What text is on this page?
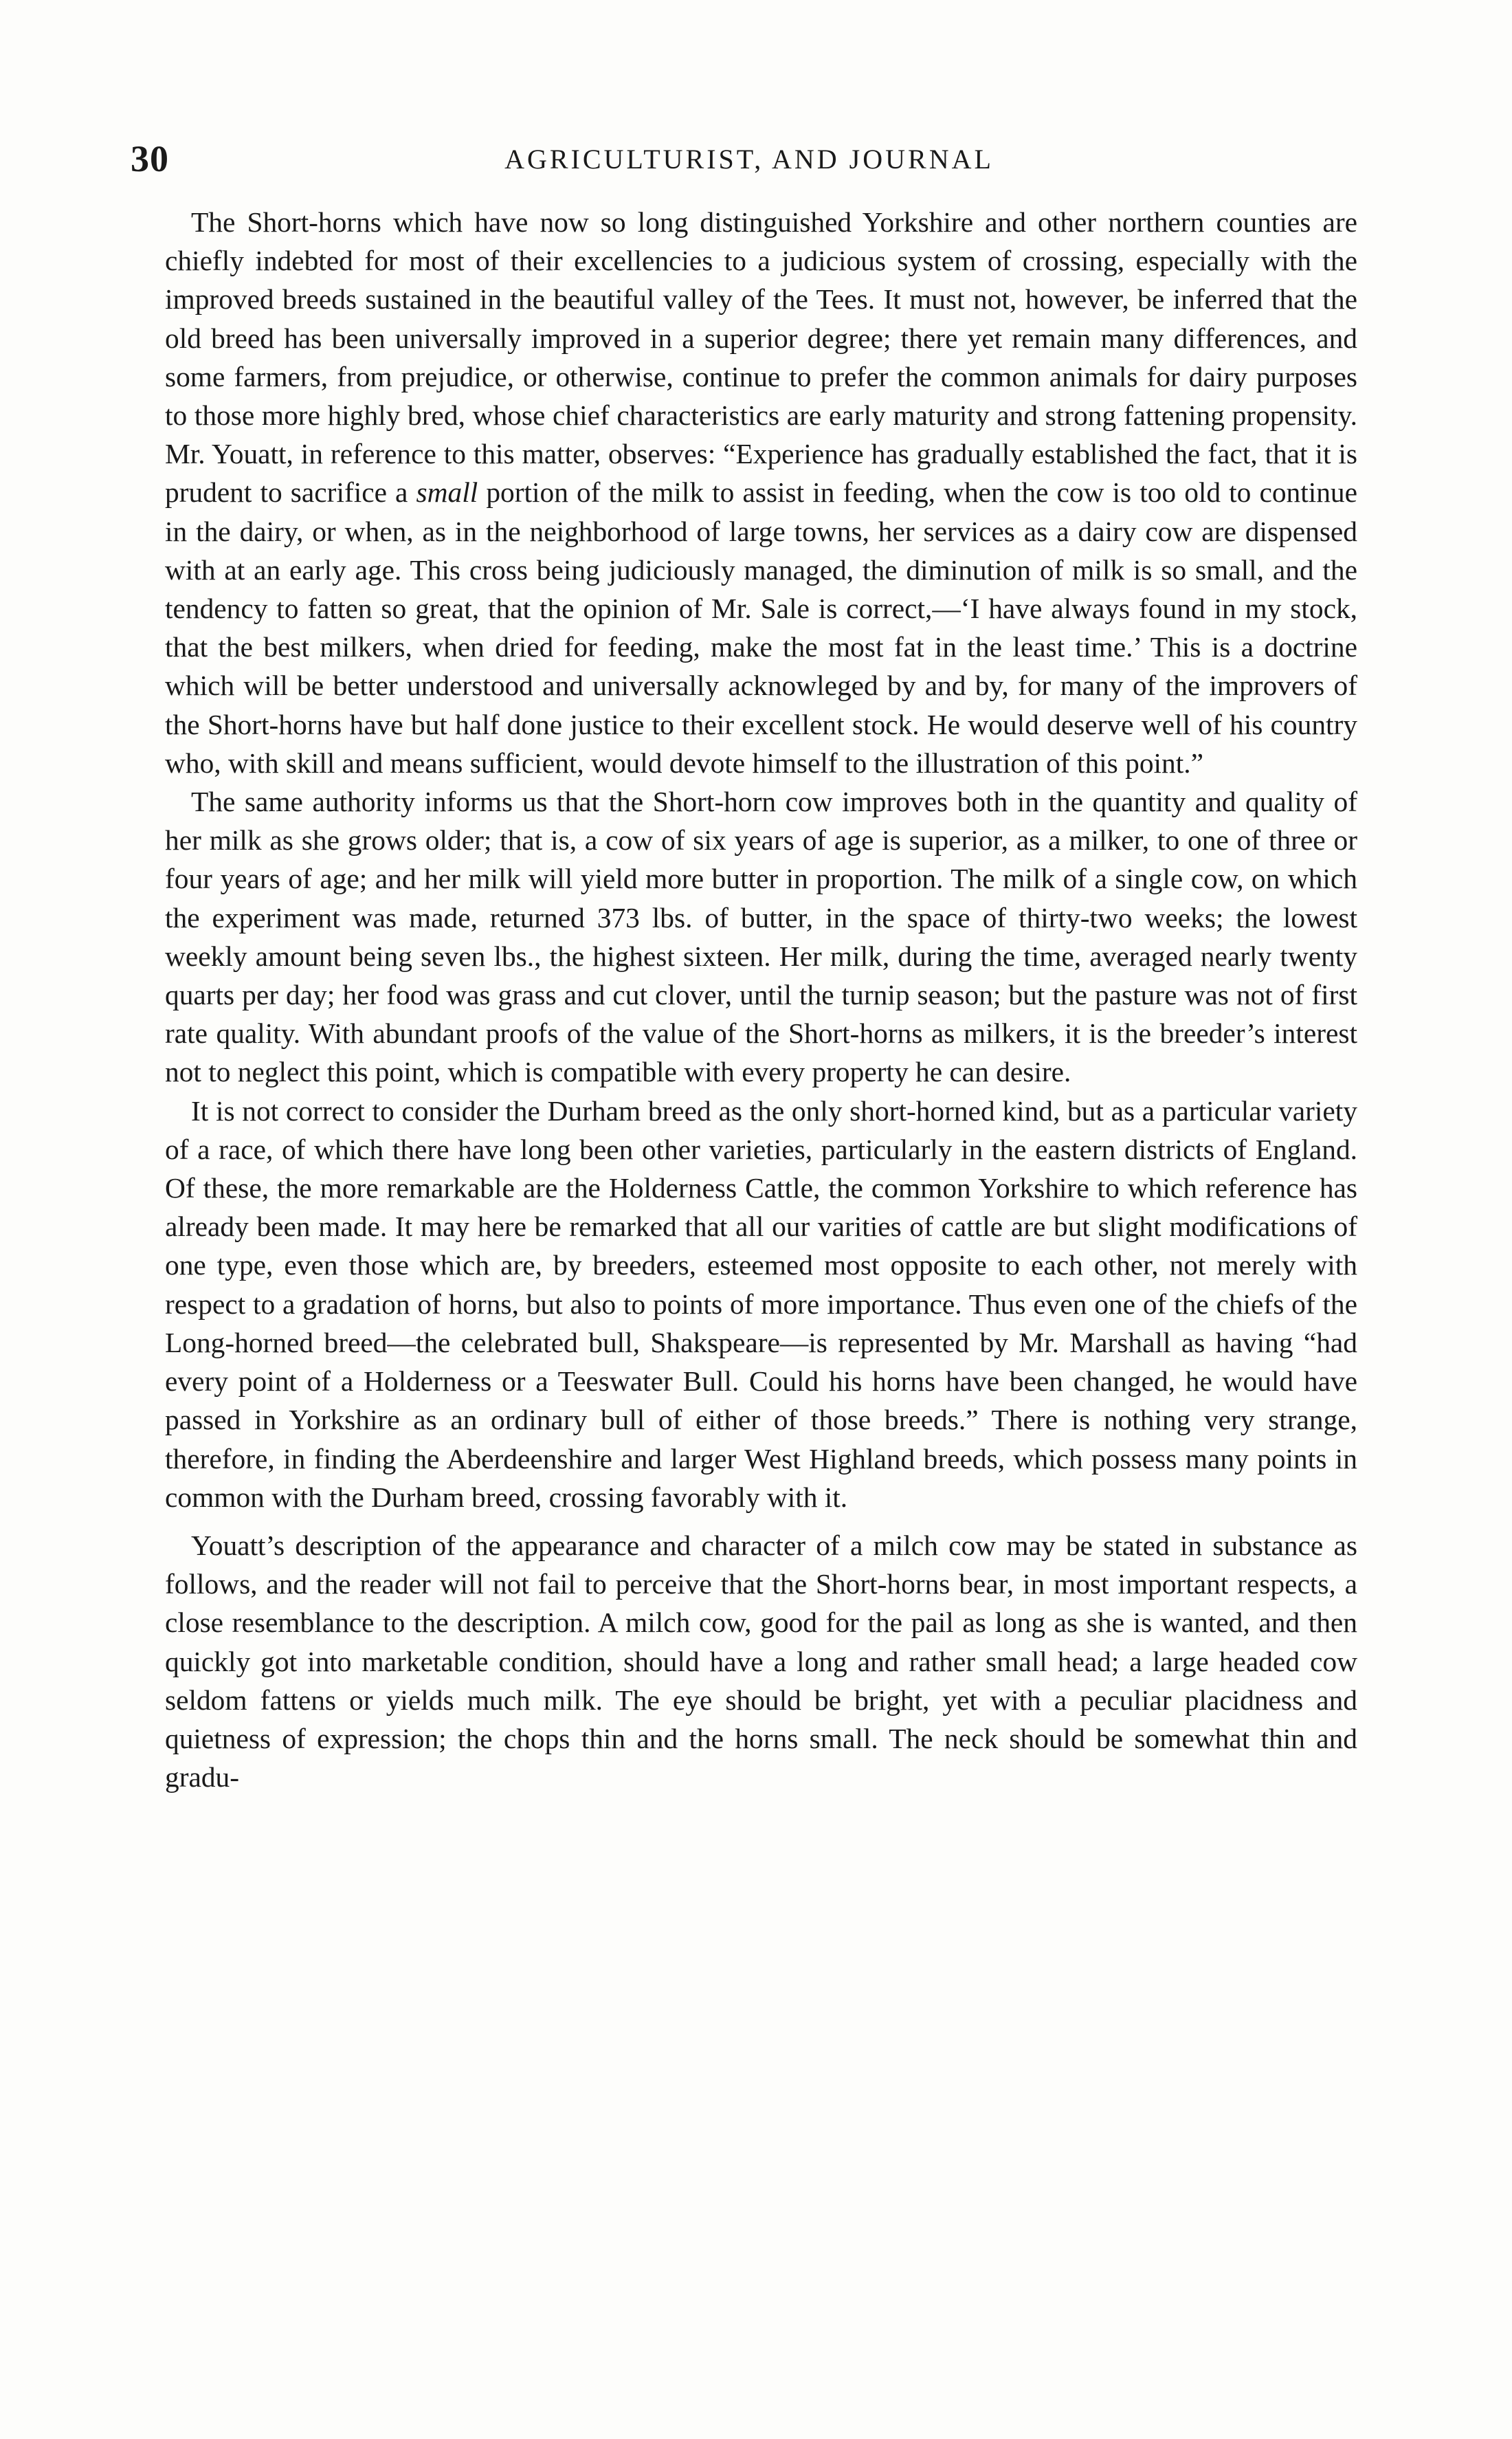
30	AGRICULTURIST, AND JOURNAL

The Short-horns which have now so long distinguished Yorkshire and other northern counties are chiefly indebted for most of their excellencies to a judicious system of crossing, especially with the improved breeds sustained in the beautiful valley of the Tees. It must not, however, be inferred that the old breed has been universally improved in a superior degree; there yet remain many differences, and some farmers, from prejudice, or otherwise, continue to prefer the common animals for dairy purposes to those more highly bred, whose chief characteristics are early maturity and strong fattening propensity. Mr. Youatt, in reference to this matter, observes: “Experience has gradually established the fact, that it is prudent to sacrifice a small portion of the milk to assist in feeding, when the cow is too old to continue in the dairy, or when, as in the neighborhood of large towns, her services as a dairy cow are dispensed with at an early age. This cross being judiciously managed, the diminution of milk is so small, and the tendency to fatten so great, that the opinion of Mr. Sale is correct,—‘I have always found in my stock, that the best milkers, when dried for feeding, make the most fat in the least time.’ This is a doctrine which will be better understood and universally acknowleged by and by, for many of the improvers of the Short-horns have but half done justice to their excellent stock. He would deserve well of his country who, with skill and means sufficient, would devote himself to the illustration of this point.”

The same authority informs us that the Short-horn cow improves both in the quantity and quality of her milk as she grows older; that is, a cow of six years of age is superior, as a milker, to one of three or four years of age; and her milk will yield more butter in proportion. The milk of a single cow, on which the experiment was made, returned 373 lbs. of butter, in the space of thirty-two weeks; the lowest weekly amount being seven lbs., the highest sixteen. Her milk, during the time, averaged nearly twenty quarts per day; her food was grass and cut clover, until the turnip season; but the pasture was not of first rate quality. With abundant proofs of the value of the Short-horns as milkers, it is the breeder’s interest not to neglect this point, which is compatible with every property he can desire.

It is not correct to consider the Durham breed as the only short-horned kind, but as a particular variety of a race, of which there have long been other varieties, particularly in the eastern districts of England. Of these, the more remarkable are the Holderness Cattle, the common Yorkshire to which reference has already been made. It may here be remarked that all our varities of cattle are but slight modifications of one type, even those which are, by breeders, esteemed most opposite to each other, not merely with respect to a gradation of horns, but also to points of more importance. Thus even one of the chiefs of the Long-horned breed—the celebrated bull, Shakspeare—is represented by Mr. Marshall as having “had every point of a Holderness or a Teeswater Bull. Could his horns have been changed, he would have passed in Yorkshire as an ordinary bull of either of those breeds.” There is nothing very strange, therefore, in finding the Aberdeenshire and larger West Highland breeds, which possess many points in common with the Durham breed, crossing favorably with it.

Youatt’s description of the appearance and character of a milch cow may be stated in substance as follows, and the reader will not fail to perceive that the Short-horns bear, in most important respects, a close resemblance to the description. A milch cow, good for the pail as long as she is wanted, and then quickly got into marketable condition, should have a long and rather small head; a large headed cow seldom fattens or yields much milk. The eye should be bright, yet with a peculiar placidness and quietness of expression; the chops thin and the horns small. The neck should be somewhat thin and gradu-
